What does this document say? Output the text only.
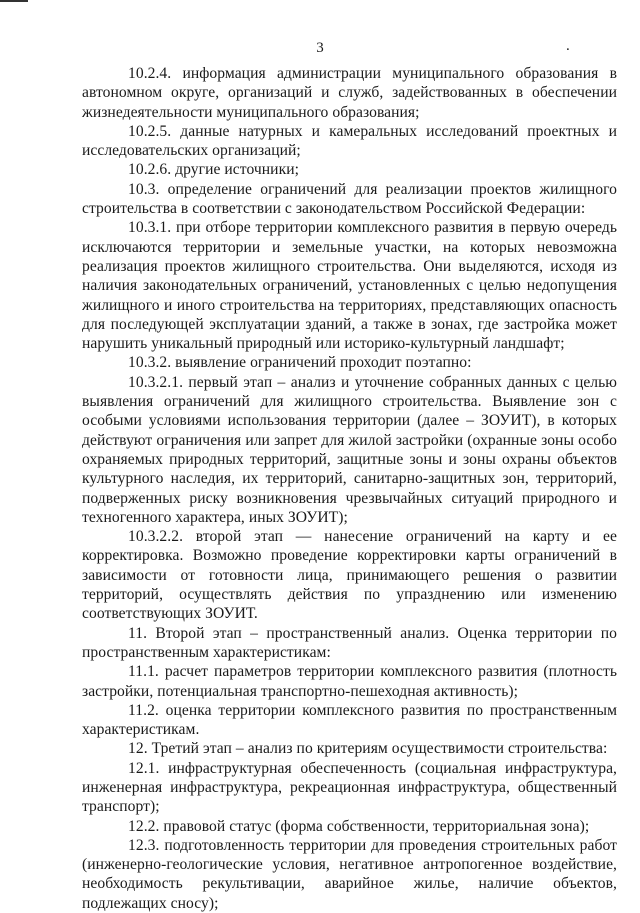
3	.

10.2.4. информация администрации муниципального образования в автономном округе, организаций и служб, задействованных в обеспечении жизнедеятельности муниципального образования;

10.2.5. данные натурных и камеральных исследований проектных и исследовательских организаций;

10.2.6. другие источники;

10.3. определение ограничений для реализации проектов жилищного строительства в соответствии с законодательством Российской Федерации:

10.3.1. при отборе территории комплексного развития в первую очередь исключаются территории и земельные участки, на которых невозможна реализация проектов жилищного строительства. Они выделяются, исходя из наличия законодательных ограничений, установленных с целью недопущения жилищного и иного строительства на территориях, представляющих опасность для последующей эксплуатации зданий, а также в зонах, где застройка может нарушить уникальный природный или историко-культурный ландшафт;

10.3.2. выявление ограничений проходит поэтапно:

10.3.2.1. первый этап – анализ и уточнение собранных данных с целью выявления ограничений для жилищного строительства. Выявление зон с особыми условиями использования территории (далее – ЗОУИТ), в которых действуют ограничения или запрет для жилой застройки (охранные зоны особо охраняемых природных территорий, защитные зоны и зоны охраны объектов культурного наследия, их территорий, санитарно-защитных зон, территорий, подверженных риску возникновения чрезвычайных ситуаций природного и техногенного характера, иных ЗОУИТ);

10.3.2.2. второй этап — нанесение ограничений на карту и ее корректировка. Возможно проведение корректировки карты ограничений в зависимости от готовности лица, принимающего решения о развитии территорий, осуществлять действия по упразднению или изменению соответствующих ЗОУИТ.

11. Второй этап – пространственный анализ. Оценка территории по пространственным характеристикам:

11.1. расчет параметров территории комплексного развития (плотность застройки, потенциальная транспортно-пешеходная активность);

11.2. оценка территории комплексного развития по пространственным характеристикам.

12. Третий этап – анализ по критериям осуществимости строительства:

12.1. инфраструктурная обеспеченность (социальная инфраструктура, инженерная инфраструктура, рекреационная инфраструктура, общественный транспорт);

12.2. правовой статус (форма собственности, территориальная зона);

12.3. подготовленность территории для проведения строительных работ (инженерно-геологические условия, негативное антропогенное воздействие, необходимость рекультивации, аварийное жилье, наличие объектов, подлежащих сносу);
